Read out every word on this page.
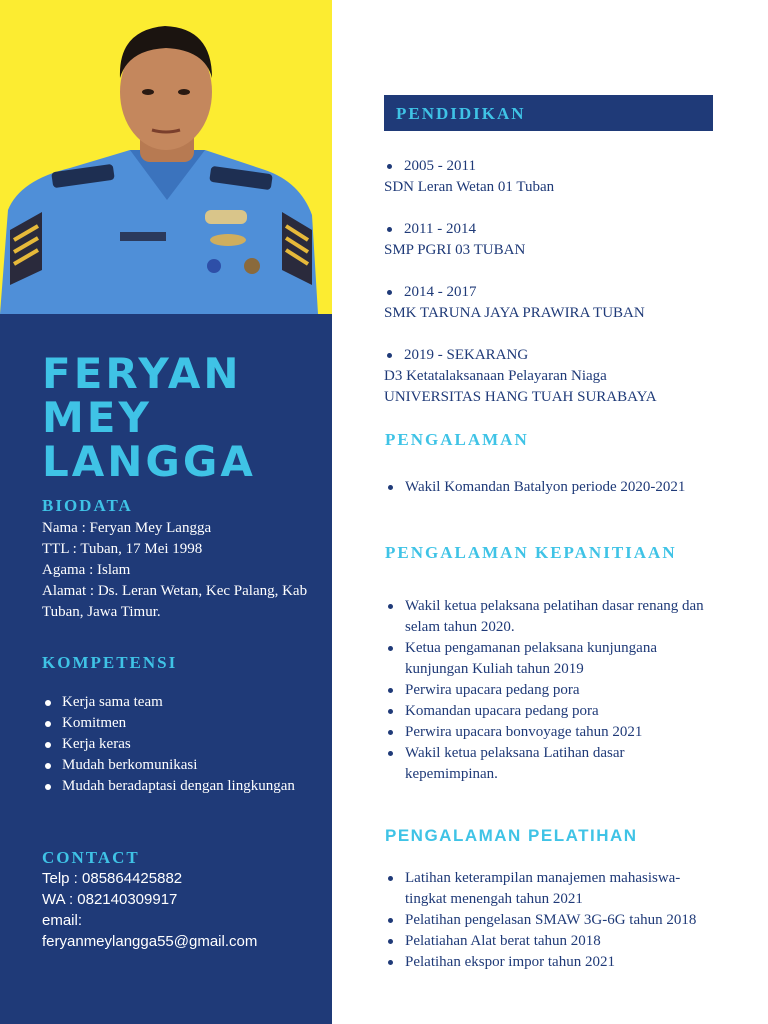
FERYAN
MEY
LANGGA
BIODATA
Nama : Feryan Mey Langga
TTL : Tuban, 17 Mei 1998
Agama : Islam
Alamat : Ds. Leran Wetan, Kec Palang, Kab Tuban, Jawa Timur.
KOMPETENSI
Kerja sama team
Komitmen
Kerja keras
Mudah berkomunikasi
Mudah beradaptasi dengan lingkungan
CONTACT
Telp : 085864425882
WA : 082140309917
email:
feryanmeylangga55@gmail.com
PENDIDIKAN
2005 - 2011
SDN Leran Wetan 01 Tuban
2011 - 2014
SMP PGRI 03 TUBAN
2014 - 2017
SMK TARUNA JAYA PRAWIRA TUBAN
2019 - SEKARANG
D3 Ketatalaksanaan Pelayaran Niaga
UNIVERSITAS HANG TUAH SURABAYA
PENGALAMAN
Wakil Komandan Batalyon periode 2020-2021
PENGALAMAN KEPANITIAAN
Wakil ketua pelaksana pelatihan dasar renang dan selam tahun 2020.
Ketua pengamanan pelaksana kunjungana kunjungan Kuliah tahun 2019
Perwira upacara pedang pora
Komandan upacara pedang pora
Perwira upacara bonvoyage tahun 2021
Wakil ketua pelaksana Latihan dasar kepemimpinan.
PENGALAMAN PELATIHAN
Latihan keterampilan manajemen mahasiswa-tingkat menengah tahun 2021
Pelatihan pengelasan SMAW 3G-6G tahun 2018
Pelatiahan Alat berat tahun 2018
Pelatihan ekspor impor tahun 2021
